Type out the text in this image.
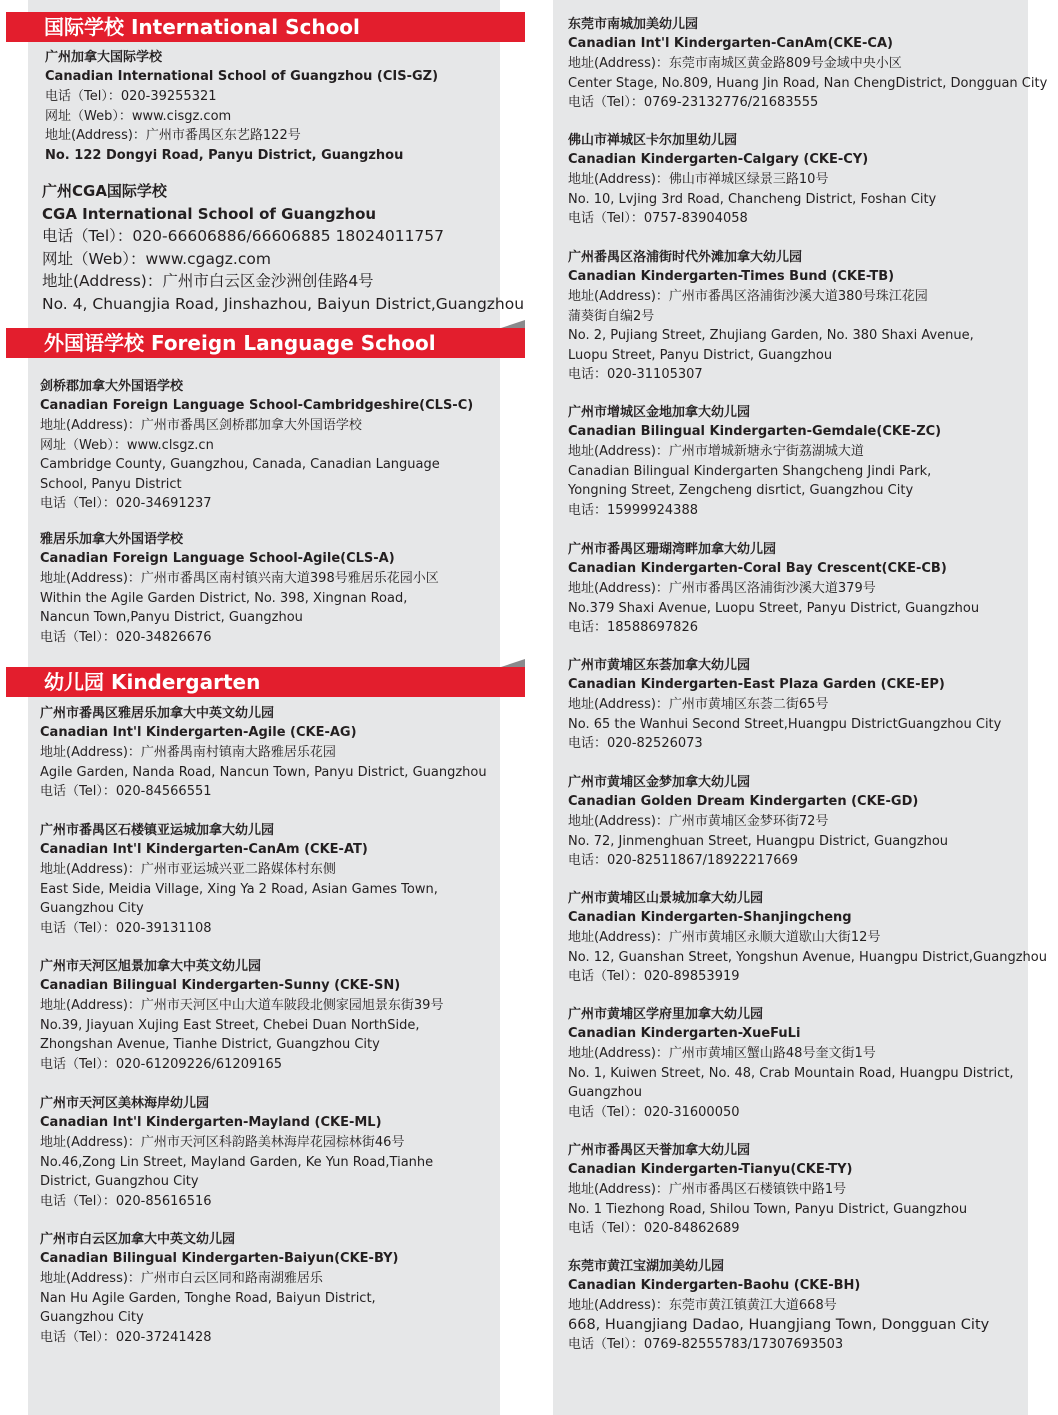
国际学校 International School
外国语学校 Foreign Language School
幼儿园 Kindergarten
广州加拿大国际学校
Canadian International School of Guangzhou (CIS-GZ)
电话（Tel）：020-39255321
网址（Web）：www.cisgz.com
地址(Address)：广州市番禺区东艺路122号
No. 122 Dongyi Road, Panyu District, Guangzhou
广州CGA国际学校
CGA International School of Guangzhou
电话（Tel）：020-66606886/66606885 18024011757
网址（Web）：www.cgagz.com
地址(Address)：广州市白云区金沙洲创佳路4号
No. 4, Chuangjia Road, Jinshazhou, Baiyun District,Guangzhou
剑桥郡加拿大外国语学校
Canadian Foreign Language School-Cambridgeshire(CLS-C)
地址(Address)：广州市番禺区剑桥郡加拿大外国语学校
网址（Web）：www.clsgz.cn
Cambridge County, Guangzhou, Canada, Canadian Language
School, Panyu District
电话（Tel）：020-34691237
雅居乐加拿大外国语学校
Canadian Foreign Language School-Agile(CLS-A)
地址(Address)：广州市番禺区南村镇兴南大道398号雅居乐花园小区
Within the Agile Garden District, No. 398, Xingnan Road,
Nancun Town,Panyu District, Guangzhou
电话（Tel）：020-34826676
广州市番禺区雅居乐加拿大中英文幼儿园
Canadian Int'l Kindergarten-Agile (CKE-AG)
地址(Address)：广州番禺南村镇南大路雅居乐花园
Agile Garden, Nanda Road, Nancun Town, Panyu District, Guangzhou
电话（Tel）：020-84566551
广州市番禺区石楼镇亚运城加拿大幼儿园
Canadian Int'l Kindergarten-CanAm (CKE-AT)
地址(Address)：广州市亚运城兴亚二路媒体村东侧
East Side, Meidia Village, Xing Ya 2 Road, Asian Games Town,
Guangzhou City
电话（Tel）：020-39131108
广州市天河区旭景加拿大中英文幼儿园
Canadian Bilingual Kindergarten-Sunny (CKE-SN)
地址(Address)：广州市天河区中山大道车陂段北侧家园旭景东街39号
No.39, Jiayuan Xujing East Street, Chebei Duan NorthSide,
Zhongshan Avenue, Tianhe District, Guangzhou City
电话（Tel）：020-61209226/61209165
广州市天河区美林海岸幼儿园
Canadian Int'l Kindergarten-Mayland (CKE-ML)
地址(Address)：广州市天河区科韵路美林海岸花园棕林街46号
No.46,Zong Lin Street, Mayland Garden, Ke Yun Road,Tianhe
District, Guangzhou City
电话（Tel）：020-85616516
广州市白云区加拿大中英文幼儿园
Canadian Bilingual Kindergarten-Baiyun(CKE-BY)
地址(Address)：广州市白云区同和路南湖雅居乐
Nan Hu Agile Garden, Tonghe Road, Baiyun District,
Guangzhou City
电话（Tel）：020-37241428
东莞市南城加美幼儿园
Canadian Int'l Kindergarten-CanAm(CKE-CA)
地址(Address)：东莞市南城区黄金路809号金域中央小区
Center Stage, No.809, Huang Jin Road, Nan ChengDistrict, Dongguan City
电话（Tel）：0769-23132776/21683555
佛山市禅城区卡尔加里幼儿园
Canadian Kindergarten-Calgary (CKE-CY)
地址(Address)：佛山市禅城区绿景三路10号
No. 10, Lvjing 3rd Road, Chancheng District, Foshan City
电话（Tel）：0757-83904058
广州番禺区洛浦街时代外滩加拿大幼儿园
Canadian Kindergarten-Times Bund (CKE-TB)
地址(Address)：广州市番禺区洛浦街沙溪大道380号珠江花园
蒲葵街自编2号
No. 2, Pujiang Street, Zhujiang Garden, No. 380 Shaxi Avenue,
Luopu Street, Panyu District, Guangzhou
电话：020-31105307
广州市增城区金地加拿大幼儿园
Canadian Bilingual Kindergarten-Gemdale(CKE-ZC)
地址(Address)：广州市增城新塘永宁街荔湖城大道
Canadian Bilingual Kindergarten Shangcheng Jindi Park,
Yongning Street, Zengcheng disrtict, Guangzhou City
电话：15999924388
广州市番禺区珊瑚湾畔加拿大幼儿园
Canadian Kindergarten-Coral Bay Crescent(CKE-CB)
地址(Address)：广州市番禺区洛浦街沙溪大道379号
No.379 Shaxi Avenue, Luopu Street, Panyu District, Guangzhou
电话：18588697826
广州市黄埔区东荟加拿大幼儿园
Canadian Kindergarten-East Plaza Garden (CKE-EP)
地址(Address)：广州市黄埔区东荟二街65号
No. 65 the Wanhui Second Street,Huangpu DistrictGuangzhou City
电话：020-82526073
广州市黄埔区金梦加拿大幼儿园
Canadian Golden Dream Kindergarten (CKE-GD)
地址(Address)：广州市黄埔区金梦环街72号
No. 72, Jinmenghuan Street, Huangpu District, Guangzhou
电话：020-82511867/18922217669
广州市黄埔区山景城加拿大幼儿园
Canadian Kindergarten-Shanjingcheng
地址(Address)：广州市黄埔区永顺大道歇山大街12号
No. 12, Guanshan Street, Yongshun Avenue, Huangpu District,Guangzhou
电话（Tel）：020-89853919
广州市黄埔区学府里加拿大幼儿园
Canadian Kindergarten-XueFuLi
地址(Address)：广州市黄埔区蟹山路48号奎文街1号
No. 1, Kuiwen Street, No. 48, Crab Mountain Road, Huangpu District,
Guangzhou
电话（Tel）：020-31600050
广州市番禺区天誉加拿大幼儿园
Canadian Kindergarten-Tianyu(CKE-TY)
地址(Address)：广州市番禺区石楼镇铁中路1号
No. 1 Tiezhong Road, Shilou Town, Panyu District, Guangzhou
电话（Tel）：020-84862689
东莞市黄江宝湖加美幼儿园
Canadian Kindergarten-Baohu (CKE-BH)
地址(Address)：东莞市黄江镇黄江大道668号
668, Huangjiang Dadao, Huangjiang Town, Dongguan City
电话（Tel）：0769-82555783/17307693503
